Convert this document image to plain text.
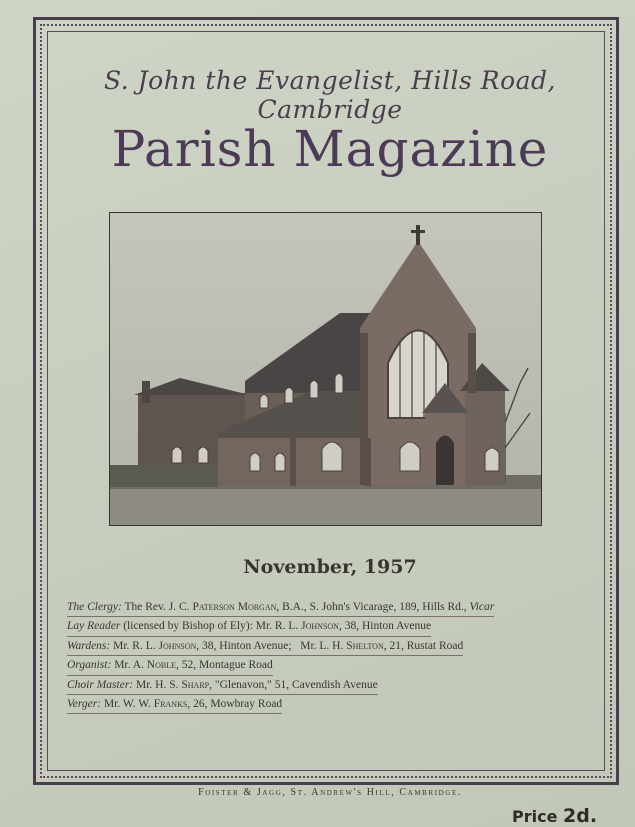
S. John the Evangelist, Hills Road, Cambridge
Parish Magazine
November, 1957
The Clergy: The Rev. J. C. Paterson Morgan, B.A., S. John's Vicarage, 189, Hills Rd., Vicar
Lay Reader (licensed by Bishop of Ely): Mr. R. L. Johnson, 38, Hinton Avenue
Wardens: Mr. R. L. Johnson, 38, Hinton Avenue;   Mr. L. H. Shelton, 21, Rustat Road
Organist: Mr. A. Noble, 52, Montague Road
Choir Master: Mr. H. S. Sharp, "Glenavon," 51, Cavendish Avenue
Verger: Mr. W. W. Franks, 26, Mowbray Road
Foister & Jagg, St. Andrew's Hill, Cambridge.
Price 2d.
